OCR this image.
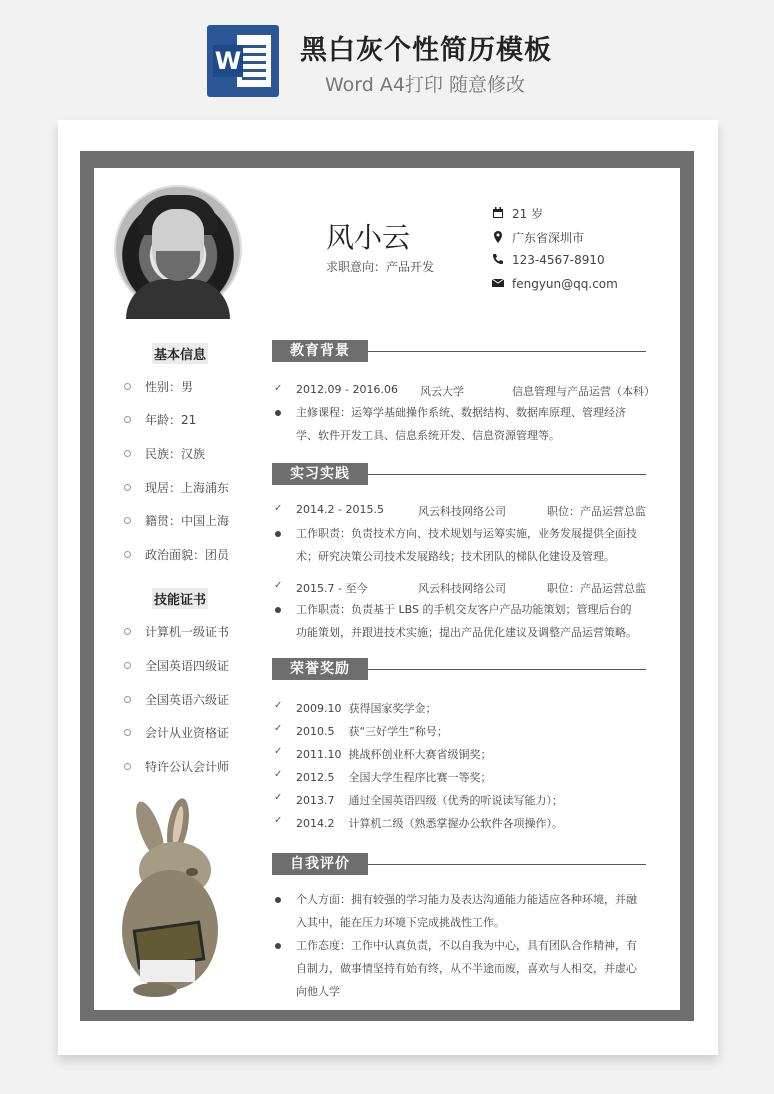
W 黑白灰个性简历模板
Word A4打印 随意修改
风小云
求职意向：产品开发
21 岁
广东省深圳市
123-4567-8910
fengyun@qq.com
基本信息
性别：男
年龄：21
民族：汉族
现居：上海浦东
籍贯：中国上海
政治面貌：团员
技能证书
计算机一级证书
全国英语四级证
全国英语六级证
会计从业资格证
特许公认会计师
教育背景
✓ 2012.09 - 2016.06 风云大学	信息管理与产品运营（本科）
主修课程：运筹学基础操作系统、数据结构、数据库原理、管理经济学、软件开发工具、信息系统开发、信息资源管理等。
实习实践
✓ 2014.2 - 2015.5	风云科技网络公司	职位：产品运营总监
工作职责：负责技术方向、技术规划与运筹实施，业务发展提供全面技术；研究决策公司技术发展路线；技术团队的梯队化建设及管理。
✓ 2015.7 - 至今	风云科技网络公司	职位：产品运营总监
工作职责：负责基于 LBS 的手机交友客户产品功能策划；管理后台的功能策划，并跟进技术实施；提出产品优化建议及调整产品运营策略。
荣誉奖励
✓ 2009.10  获得国家奖学金；
✓ 2010.5    获“三好学生”称号；
✓ 2011.10  挑战杯创业杯大赛省级铜奖；
✓ 2012.5    全国大学生程序比赛一等奖；
✓ 2013.7    通过全国英语四级（优秀的听说读写能力）；
✓ 2014.2    计算机二级（熟悉掌握办公软件各项操作）。
自我评价
个人方面：拥有较强的学习能力及表达沟通能力能适应各种环境，并融入其中，能在压力环境下完成挑战性工作。
工作态度：工作中认真负责，不以自我为中心，具有团队合作精神，有自制力，做事情坚持有始有终，从不半途而废，喜欢与人相交，并虚心向他人学
